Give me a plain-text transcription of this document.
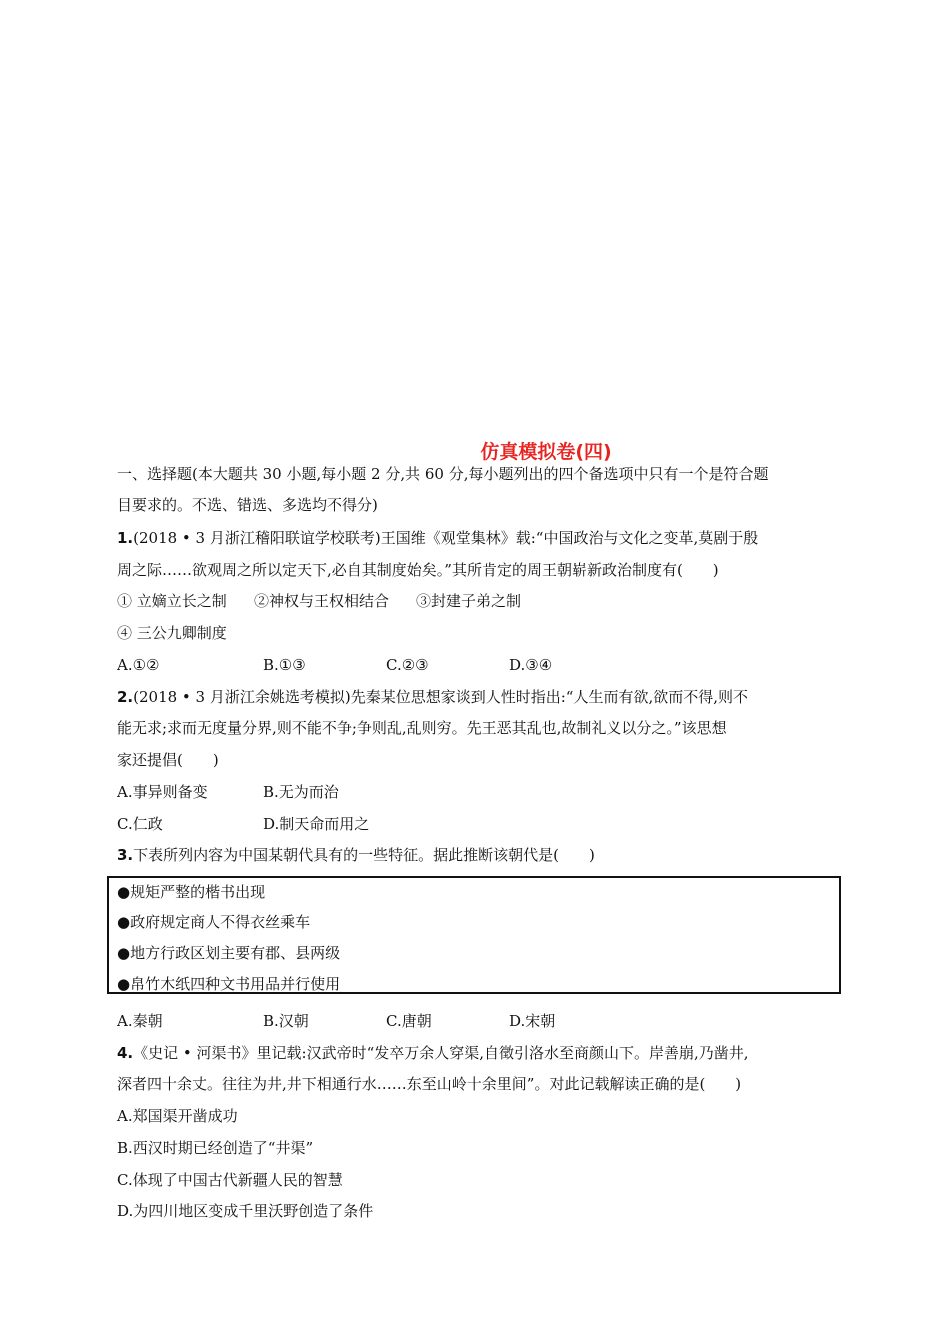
仿真模拟卷(四)
一、选择题(本大题共 30 小题,每小题 2 分,共 60 分,每小题列出的四个备选项中只有一个是符合题
目要求的。不选、错选、多选均不得分)
1.(2018 • 3 月浙江稽阳联谊学校联考)王国维《观堂集林》载:“中国政治与文化之变革,莫剧于殷
周之际……欲观周之所以定天下,必自其制度始矣。”其所肯定的周王朝崭新政治制度有(　　)
① 立嫡立长之制 ②神权与王权相结合 ③封建子弟之制
④ 三公九卿制度
A.①②	B.①③	C.②③	D.③④
2.(2018 • 3 月浙江余姚选考模拟)先秦某位思想家谈到人性时指出:“人生而有欲,欲而不得,则不
能无求;求而无度量分界,则不能不争;争则乱,乱则穷。先王恶其乱也,故制礼义以分之。”该思想
家还提倡(　　)
A.事异则备变	B.无为而治
C.仁政	D.制天命而用之
3.下表所列内容为中国某朝代具有的一些特征。据此推断该朝代是(　　)
●规矩严整的楷书出现
●政府规定商人不得衣丝乘车
●地方行政区划主要有郡、县两级
●帛竹木纸四种文书用品并行使用
A.秦朝	B.汉朝	C.唐朝	D.宋朝
4.《史记 • 河渠书》里记载:汉武帝时“发卒万余人穿渠,自徵引洛水至商颜山下。岸善崩,乃凿井,
深者四十余丈。往往为井,井下相通行水……东至山岭十余里间”。对此记载解读正确的是(　　)
A.郑国渠开凿成功
B.西汉时期已经创造了“井渠”
C.体现了中国古代新疆人民的智慧
D.为四川地区变成千里沃野创造了条件
